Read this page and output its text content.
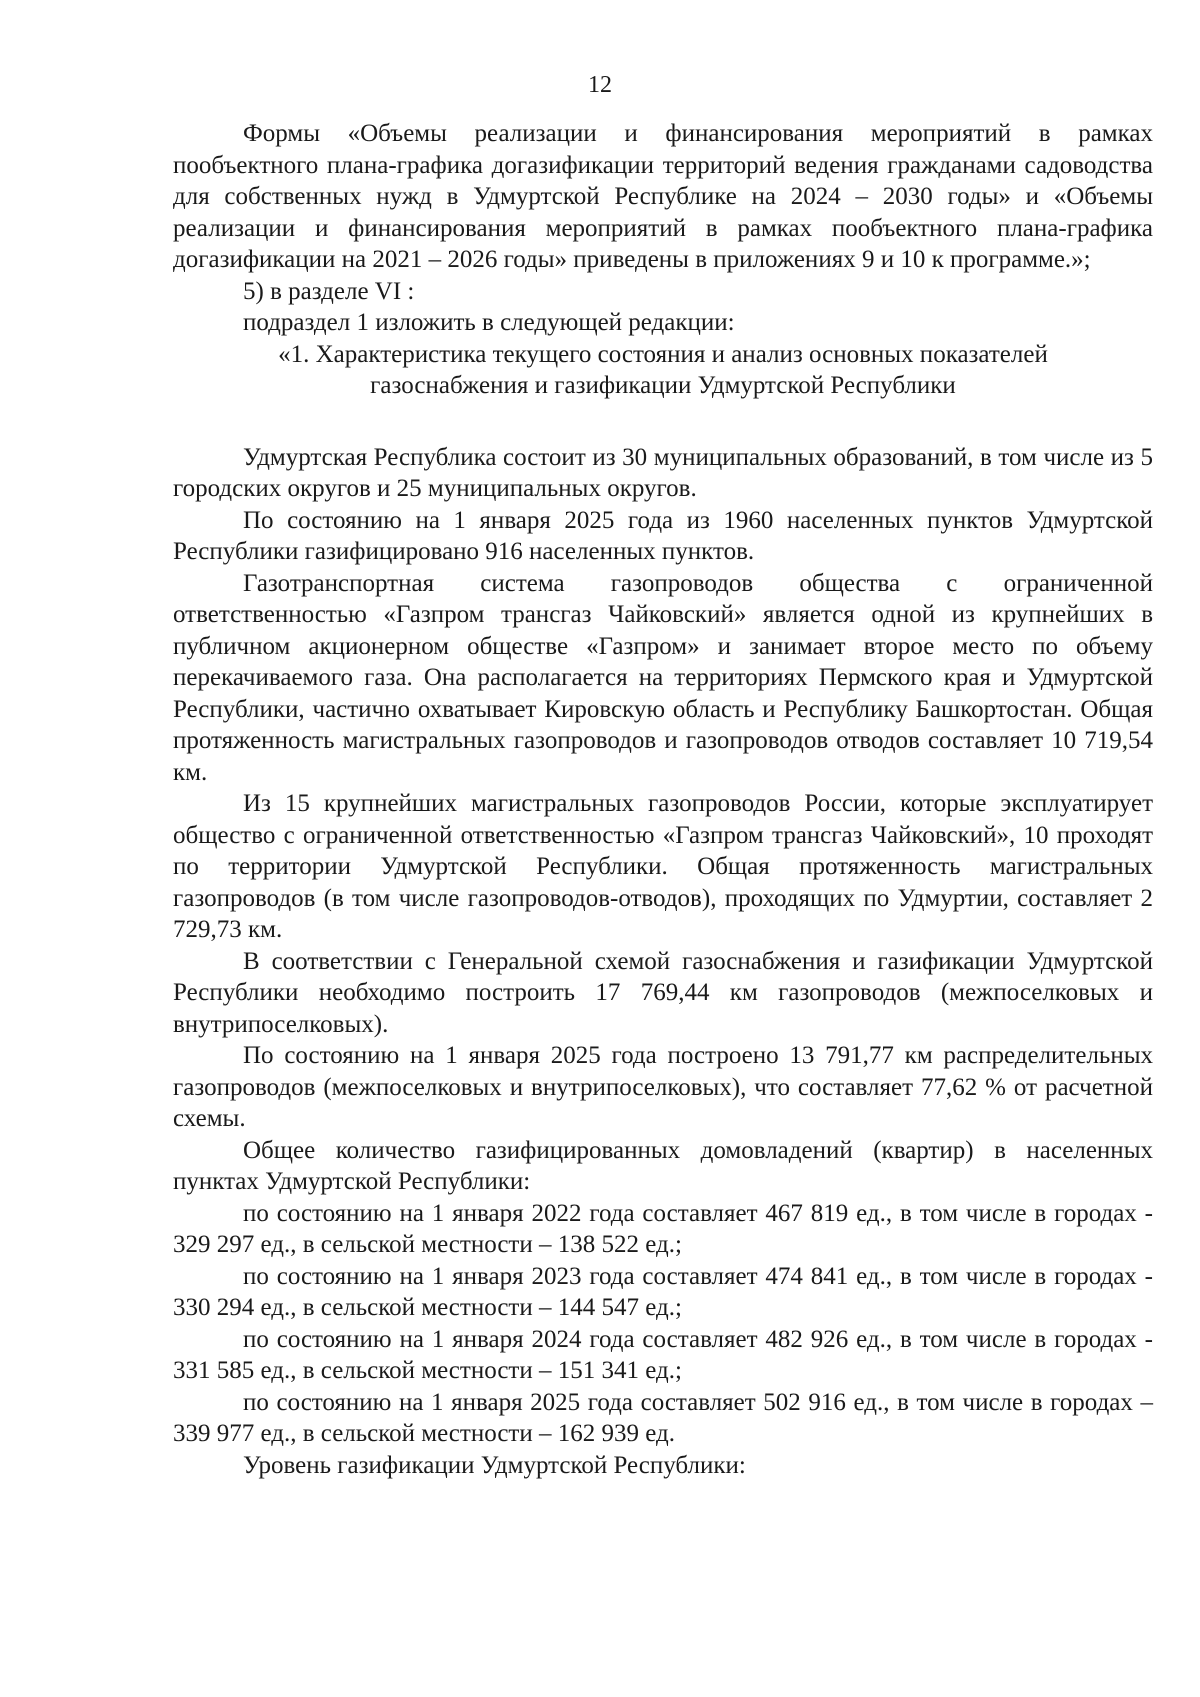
12

Формы «Объемы реализации и финансирования мероприятий в рамках пообъектного плана-графика догазификации территорий ведения гражданами садоводства для собственных нужд в Удмуртской Республике на 2024 – 2030 годы» и «Объемы реализации и финансирования мероприятий в рамках пообъектного плана-графика догазификации на 2021 – 2026 годы» приведены в приложениях 9 и 10 к программе.»;

5) в разделе VI :

подраздел 1 изложить в следующей редакции:

«1. Характеристика текущего состояния и анализ основных показателей
газоснабжения и газификации Удмуртской Республики

Удмуртская Республика состоит из 30 муниципальных образований, в том числе из 5 городских округов и 25 муниципальных округов.

По состоянию на 1 января 2025 года из 1960 населенных пунктов Удмуртской Республики газифицировано 916 населенных пунктов.

Газотранспортная система газопроводов общества с ограниченной ответственностью «Газпром трансгаз Чайковский» является одной из крупнейших в публичном акционерном обществе «Газпром» и занимает второе место по объему перекачиваемого газа. Она располагается на территориях Пермского края и Удмуртской Республики, частично охватывает Кировскую область и Республику Башкортостан. Общая протяженность магистральных газопроводов и газопроводов отводов составляет 10 719,54 км.

Из 15 крупнейших магистральных газопроводов России, которые эксплуатирует общество с ограниченной ответственностью «Газпром трансгаз Чайковский», 10 проходят по территории Удмуртской Республики. Общая протяженность магистральных газопроводов (в том числе газопроводов-отводов), проходящих по Удмуртии, составляет 2 729,73 км.

В соответствии с Генеральной схемой газоснабжения и газификации Удмуртской Республики необходимо построить 17 769,44 км газопроводов (межпоселковых и внутрипоселковых).

По состоянию на 1 января 2025 года построено 13 791,77 км распределительных газопроводов (межпоселковых и внутрипоселковых), что составляет 77,62 % от расчетной схемы.

Общее количество газифицированных домовладений (квартир) в населенных пунктах Удмуртской Республики:

по состоянию на 1 января 2022 года составляет 467 819 ед., в том числе в городах - 329 297 ед., в сельской местности – 138 522 ед.;

по состоянию на 1 января 2023 года составляет 474 841 ед., в том числе в городах - 330 294 ед., в сельской местности – 144 547 ед.;

по состоянию на 1 января 2024 года составляет 482 926 ед., в том числе в городах - 331 585 ед., в сельской местности – 151 341 ед.;

по состоянию на 1 января 2025 года составляет 502 916 ед., в том числе в городах – 339 977 ед., в сельской местности – 162 939 ед.

Уровень газификации Удмуртской Республики:
